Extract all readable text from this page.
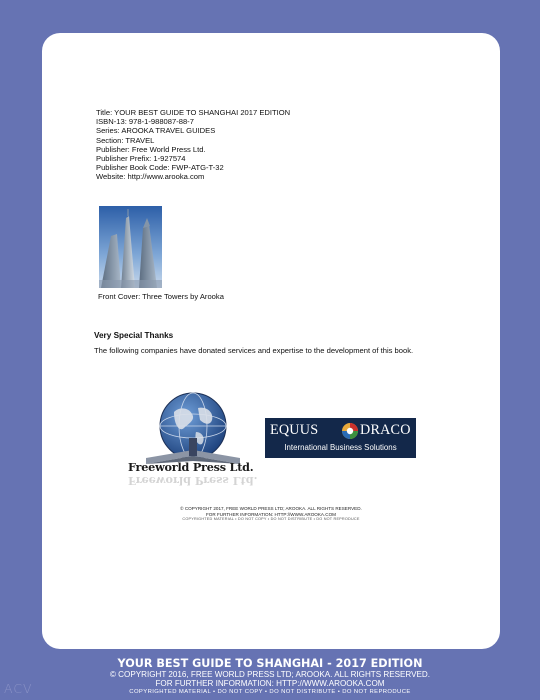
Title: YOUR BEST GUIDE TO SHANGHAI 2017 EDITION
ISBN-13: 978-1-988087-88-7
Series: AROOKA TRAVEL GUIDES
Section: TRAVEL
Publisher: Free World Press Ltd.
Publisher Prefix: 1-927574
Publisher Book Code: FWP-ATG-T-32
Website: http://www.arooka.com
Front Cover: Three Towers by Arooka
Very Special Thanks
The following companies have donated services and expertise to the development of this book.
Freeworld Press Ltd.
Freeworld Press Ltd.
EQUUS	DRACO
International Business Solutions
© COPYRIGHT 2017, FREE WORLD PRESS LTD; AROOKA. ALL RIGHTS RESERVED.
FOR FURTHER INFORMATION: HTTP://WWW.AROOKA.COM
COPYRIGHTED MATERIAL • DO NOT COPY • DO NOT DISTRIBUTE • DO NOT REPRODUCE
YOUR BEST GUIDE TO SHANGHAI - 2017 EDITION
© COPYRIGHT 2016, FREE WORLD PRESS LTD; AROOKA. ALL RIGHTS RESERVED.
FOR FURTHER INFORMATION: HTTP://WWW.AROOKA.COM
COPYRIGHTED MATERIAL • DO NOT COPY • DO NOT DISTRIBUTE • DO NOT REPRODUCE
ACV
